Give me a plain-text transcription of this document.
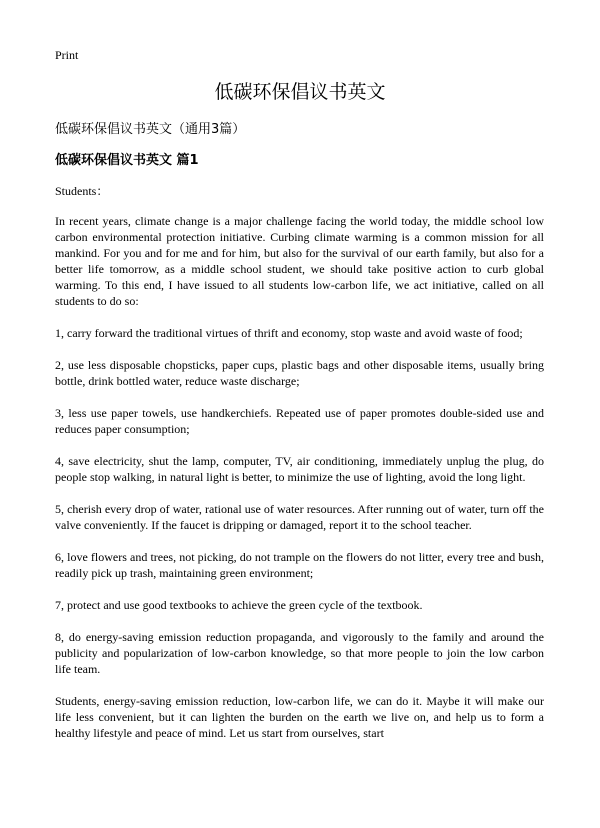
Print
低碳环保倡议书英文
低碳环保倡议书英文（通用3篇）
低碳环保倡议书英文 篇1

Students：

In recent years, climate change is a major challenge facing the world today, the middle school low carbon environmental protection initiative. Curbing climate warming is a common mission for all mankind. For you and for me and for him, but also for the survival of our earth family, but also for a better life tomorrow, as a middle school student, we should take positive action to curb global warming. To this end, I have issued to all students low-carbon life, we act initiative, called on all students to do so:

1, carry forward the traditional virtues of thrift and economy, stop waste and avoid waste of food;

2, use less disposable chopsticks, paper cups, plastic bags and other disposable items, usually bring bottle, drink bottled water, reduce waste discharge;

3, less use paper towels, use handkerchiefs. Repeated use of paper promotes double-sided use and reduces paper consumption;

4, save electricity, shut the lamp, computer, TV, air conditioning, immediately unplug the plug, do people stop walking, in natural light is better, to minimize the use of lighting, avoid the long light.

5, cherish every drop of water, rational use of water resources. After running out of water, turn off the valve conveniently. If the faucet is dripping or damaged, report it to the school teacher.

6, love flowers and trees, not picking, do not trample on the flowers do not litter, every tree and bush, readily pick up trash, maintaining green environment;

7, protect and use good textbooks to achieve the green cycle of the textbook.

8, do energy-saving emission reduction propaganda, and vigorously to the family and around the publicity and popularization of low-carbon knowledge, so that more people to join the low carbon life team.

Students, energy-saving emission reduction, low-carbon life, we can do it. Maybe it will make our life less convenient, but it can lighten the burden on the earth we live on, and help us to form a healthy lifestyle and peace of mind. Let us start from ourselves, start
